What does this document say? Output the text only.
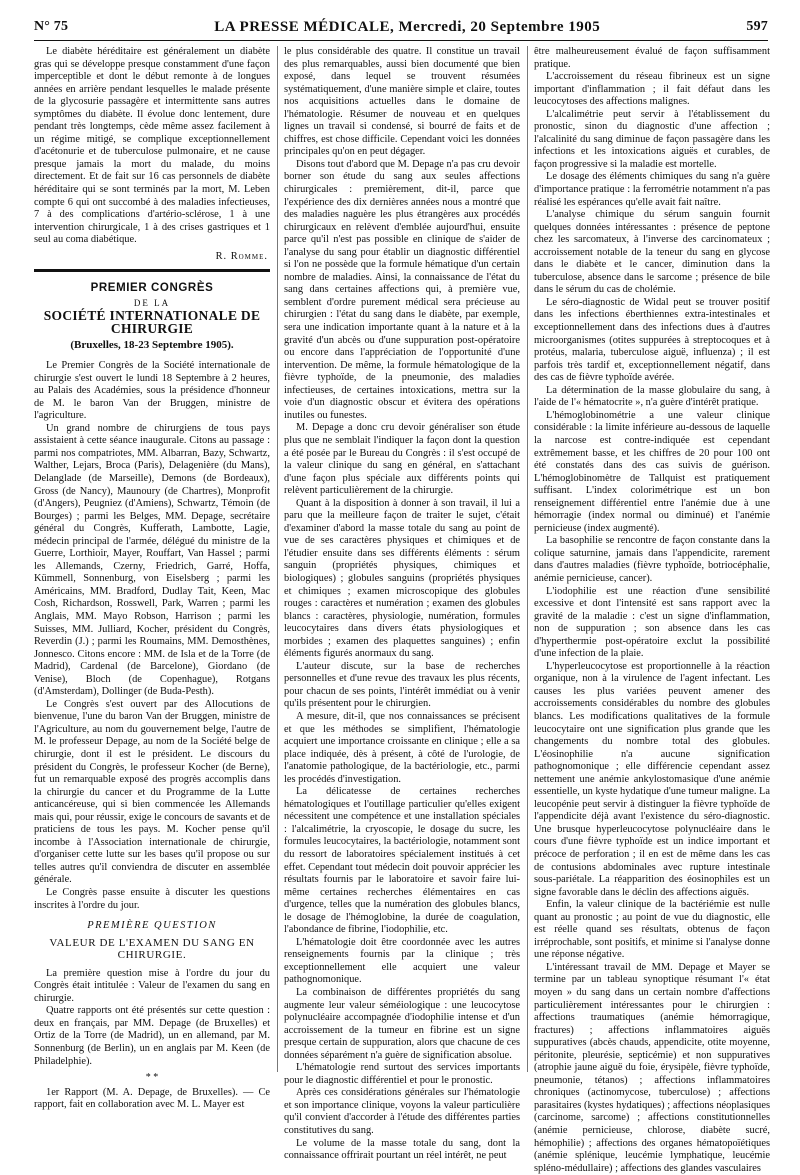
N° 75	LA PRESSE MÉDICALE, Mercredi, 20 Septembre 1905	597

Le diabète héréditaire est généralement un diabète gras qui se développe presque constamment d'une façon imperceptible et dont le début remonte à de longues années en arrière pendant lesquelles le malade présente de la glycosurie passagère et intermittente sans autres symptômes du diabète. Il évolue donc lentement, dure pendant très longtemps, cède même assez facilement à un régime mitigé, se complique exceptionnellement d'acétonurie et de tuberculose pulmonaire, et ne cause presque jamais la mort du malade, du moins directement. Et de fait sur 16 cas personnels de diabète héréditaire qui se sont terminés par la mort, M. Leben compte 6 qui ont succombé à des maladies infectieuses, 7 à des complications d'artério-sclérose, 1 à une intervention chirurgicale, 1 à des crises gastriques et 1 seul au coma diabétique.

R. Romme.
PREMIER CONGRÈS
DE LA
SOCIÉTÉ INTERNATIONALE DE CHIRURGIE
(Bruxelles, 18-23 Septembre 1905).

Le Premier Congrès de la Société internationale de chirurgie s'est ouvert le lundi 18 Septembre à 2 heures, au Palais des Académies, sous la présidence d'honneur de M. le baron Van der Bruggen, ministre de l'agriculture.

Un grand nombre de chirurgiens de tous pays assistaient à cette séance inaugurale. Citons au passage : parmi nos compatriotes, MM. Albarran, Bazy, Schwartz, Walther, Lejars, Broca (Paris), Delagenière (du Mans), Delanglade (de Marseille), Demons (de Bordeaux), Gross (de Nancy), Maunoury (de Chartres), Monprofit (d'Angers), Peugniez (d'Amiens), Schwartz, Témoin (de Bourges) ; parmi les Belges, MM. Depage, secrétaire général du Congrès, Kufferath, Lambotte, Lagie, médecin principal de l'armée, délégué du ministre de la Guerre, Lorthioir, Mayer, Rouffart, Van Hassel ; parmi les Allemands, Czerny, Friedrich, Garré, Hoffa, Kümmell, Sonnenburg, von Eiselsberg ; parmi les Américains, MM. Bradford, Dudlay Tait, Keen, Mac Cosh, Richardson, Rosswell, Park, Warren ; parmi les Anglais, MM. Mayo Robson, Harrison ; parmi les Suisses, MM. Julliard, Kocher, président du Congrès, Reverdin (J.) ; parmi les Roumains, MM. Demosthènes, Jonnesco. Citons encore : MM. de Isla et de la Torre (de Madrid), Cardenal (de Barcelone), Giordano (de Venise), Bloch (de Copenhague), Rotgans (d'Amsterdam), Dollinger (de Buda-Pesth).

Le Congrès s'est ouvert par des Allocutions de bienvenue, l'une du baron Van der Bruggen, ministre de l'Agriculture, au nom du gouvernement belge, l'autre de M. le professeur Depage, au nom de la Société belge de chirurgie, dont il est le président. Le discours du président du Congrès, le professeur Kocher (de Berne), fut un remarquable exposé des progrès accomplis dans la chirurgie du cancer et du Programme de la Lutte anticancéreuse, qui si bien commencée les Allemands mais qui, pour réussir, exige le concours de savants et de praticiens de tous les pays. M. Kocher pense qu'il incombe à l'Association internationale de chirurgie, d'organiser cette lutte sur les bases qu'il propose ou sur telles autres qu'il conviendra de discuter en assemblée générale.

Le Congrès passe ensuite à discuter les questions inscrites à l'ordre du jour.

PREMIÈRE QUESTION
VALEUR DE L'EXAMEN DU SANG EN CHIRURGIE.

La première question mise à l'ordre du jour du Congrès était intitulée : Valeur de l'examen du sang en chirurgie.

Quatre rapports ont été présentés sur cette question : deux en français, par MM. Depage (de Bruxelles) et Ortiz de la Torre (de Madrid), un en allemand, par M. Sonnenburg (de Berlin), un en anglais par M. Keen (de Philadelphie).

* *

1er Rapport (M. A. Depage, de Bruxelles). — Ce rapport, fait en collaboration avec M. L. Mayer est

le plus considérable des quatre. Il constitue un travail des plus remarquables, aussi bien documenté que bien exposé, dans lequel se trouvent résumées systématiquement, d'une manière simple et claire, toutes nos acquisitions actuelles dans le domaine de l'hématologie. Résumer de nouveau et en quelques lignes un travail si condensé, si bourré de faits et de chiffres, est chose difficile. Cependant voici les données principales qu'on en peut dégager.

Disons tout d'abord que M. Depage n'a pas cru devoir borner son étude du sang aux seules affections chirurgicales : premièrement, dit-il, parce que l'expérience des dix dernières années nous a montré que des maladies naguère les plus étrangères aux procédés chirurgicaux en relèvent d'emblée aujourd'hui, ensuite parce qu'il n'est pas possible en clinique de s'aider de l'analyse du sang pour établir un diagnostic différentiel si l'on ne possède que la formule hématique d'un certain nombre de maladies. Ainsi, la connaissance de l'état du sang dans certaines affections qui, à première vue, semblent d'ordre purement médical sera précieuse au chirurgien : l'état du sang dans le diabète, par exemple, sera une indication importante quant à la nature et à la gravité d'un abcès ou d'une suppuration post-opératoire ou encore dans l'appréciation de l'opportunité d'une intervention. De même, la formule hématologique de la fièvre typhoïde, de la pneumonie, des maladies infectieuses, de certaines intoxications, mettra sur la voie d'un diagnostic obscur et évitera des opérations inutiles ou funestes.

M. Depage a donc cru devoir généraliser son étude plus que ne semblait l'indiquer la façon dont la question a été posée par le Bureau du Congrès : il s'est occupé de la valeur clinique du sang en général, en s'attachant d'une façon plus spéciale aux différents points qui relèvent particulièrement de la chirurgie.

Quant à la disposition à donner à son travail, il lui a paru que la meilleure façon de traiter le sujet, c'était d'examiner d'abord la masse totale du sang au point de vue de ses caractères physiques et chimiques et de l'étudier ensuite dans ses différents éléments : sérum sanguin (propriétés physiques, chimiques et biologiques) ; globules sanguins (propriétés physiques et chimiques ; examen microscopique des globules rouges : caractères et numération ; examen des globules blancs : caractères, physiologie, numération, formules leucocytaires dans divers états physiologiques et morbides ; examen des plaquettes sanguines) ; enfin éléments figurés anormaux du sang.

L'auteur discute, sur la base de recherches personnelles et d'une revue des travaux les plus récents, pour chacun de ses points, l'intérêt immédiat ou à venir qu'ils présentent pour le chirurgien.

A mesure, dit-il, que nos connaissances se précisent et que les méthodes se simplifient, l'hématologie acquiert une importance croissante en clinique ; elle a sa place indiquée, dès à présent, à côté de l'urologie, de l'anatomie pathologique, de la bactériologie, etc., parmi les procédés d'investigation.

La délicatesse de certaines recherches hématologiques et l'outillage particulier qu'elles exigent nécessitent une compétence et une installation spéciales : l'alcalimétrie, la cryoscopie, le dosage du sucre, les formules leucocytaires, la bactériologie, notamment sont du ressort de laboratoires spécialement institués à cet effet. Cependant tout médecin doit pouvoir apprécier les résultats fournis par le laboratoire et savoir faire lui-même certaines recherches élémentaires en cas d'urgence, telles que la numération des globules blancs, le dosage de l'hémoglobine, la durée de coagulation, l'abondance de fibrine, l'iodophilie, etc.

L'hématologie doit être coordonnée avec les autres renseignements fournis par la clinique ; très exceptionnellement elle acquiert une valeur pathognomonique.

La combinaison de différentes propriétés du sang augmente leur valeur séméiologique : une leucocytose polynucléaire accompagnée d'iodophilie intense et d'un accroissement de la tumeur en fibrine est un signe presque certain de suppuration, alors que chacune de ces données séparément n'a guère de signification absolue.

L'hématologie rend surtout des services importants pour le diagnostic différentiel et pour le pronostic.

Après ces considérations générales sur l'hématologie et son importance clinique, voyons la valeur particulière qu'il convient d'accorder à l'étude des différentes parties constitutives du sang.

Le volume de la masse totale du sang, dont la connaissance offrirait pourtant un réel intérêt, ne peut

être malheureusement évalué de façon suffisamment pratique.

L'accroissement du réseau fibrineux est un signe important d'inflammation ; il fait défaut dans les leucocytoses des affections malignes.

L'alcalimétrie peut servir à l'établissement du pronostic, sinon du diagnostic d'une affection ; l'alcalinité du sang diminue de façon passagère dans les infections et les intoxications aiguës et curables, de façon progressive si la maladie est mortelle.

Le dosage des éléments chimiques du sang n'a guère d'importance pratique : la ferrométrie notamment n'a pas réalisé les espérances qu'elle avait fait naître.

L'analyse chimique du sérum sanguin fournit quelques données intéressantes : présence de peptone chez les sarcomateux, à l'inverse des carcinomateux ; accroissement notable de la teneur du sang en glycose dans le diabète et le cancer, diminution dans la tuberculose, absence dans le sarcome ; présence de bile dans le sérum du cas de cholémie.

Le séro-diagnostic de Widal peut se trouver positif dans les infections éberthiennes extra-intestinales et exceptionnellement dans des infections dues à d'autres microorganismes (otites suppurées à streptocoques et à protéus, malaria, tuberculose aiguë, influenza) ; il est parfois très tardif et, exceptionnellement négatif, dans des cas de fièvre typhoïde avérée.

La détermination de la masse globulaire du sang, à l'aide de l'« hématocrite », n'a guère d'intérêt pratique.

L'hémoglobinométrie a une valeur clinique considérable : la limite inférieure au-dessous de laquelle la narcose est contre-indiquée est cependant extrêmement basse, et les chiffres de 20 pour 100 ont été constatés dans des cas suivis de guérison. L'hémoglobinomètre de Tallquist est pratiquement suffisant. L'index colorimétrique est un bon renseignement différentiel entre l'anémie due à une hémorragie (index normal ou diminué) et l'anémie pernicieuse (index augmenté).

La basophilie se rencontre de façon constante dans la colique saturnine, jamais dans l'appendicite, rarement dans d'autres maladies (fièvre typhoïde, botriocéphalie, anémie pernicieuse, cancer).

L'iodophilie est une réaction d'une sensibilité excessive et dont l'intensité est sans rapport avec la gravité de la maladie : c'est un signe d'inflammation, non de suppuration ; son absence dans les cas d'hyperthermie post-opératoire exclut la possibilité d'une infection de la plaie.

L'hyperleucocytose est proportionnelle à la réaction organique, non à la virulence de l'agent infectant. Les causes les plus variées peuvent amener des accroissements considérables du nombre des globules blancs. Les modifications qualitatives de la formule leucocytaire ont une signification plus grande que les changements du nombre total des globules. L'éosinophilie n'a aucune signification pathognomonique ; elle différencie cependant assez nettement une anémie ankylostomasique d'une anémie essentielle, un kyste hydatique d'une tumeur maligne. La leucopénie peut servir à distinguer la fièvre typhoïde de l'appendicite déjà avant l'existence du séro-diagnostic. Une brusque hyperleucocytose polynucléaire dans le cours d'une fièvre typhoïde est un indice important et précoce de perforation ; il en est de même dans les cas de contusions abdominales avec rupture intestinale sous-pariétale. La réapparition des éosinophiles est un signe favorable dans le déclin des affections aiguës.

Enfin, la valeur clinique de la bactériémie est nulle quant au pronostic ; au point de vue du diagnostic, elle est réelle quand ses résultats, obtenus de façon irréprochable, sont positifs, et minime si l'analyse donne une réponse négative.

L'intéressant travail de MM. Depage et Mayer se termine par un tableau synoptique résumant l'« état moyen » du sang dans un certain nombre d'affections particulièrement intéressantes pour le chirurgien : affections traumatiques (anémie hémorragique, fractures) ; affections inflammatoires aiguës suppuratives (abcès chauds, appendicite, otite moyenne, péritonite, pleurésie, septicémie) et non suppuratives (atrophie jaune aiguë du foie, érysipèle, fièvre typhoïde, pneumonie, tétanos) ; affections inflammatoires chroniques (actinomycose, tuberculose) ; affections parasitaires (kystes hydatiques) ; affections néoplasiques (carcinome, sarcome) ; affections constitutionnelles (anémie pernicieuse, chlorose, diabète sucré, hémophilie) ; affections des organes hématopoïétiques (anémie splénique, leucémie lymphatique, leucémie spléno-médullaire) ; affections des glandes vasculaires
